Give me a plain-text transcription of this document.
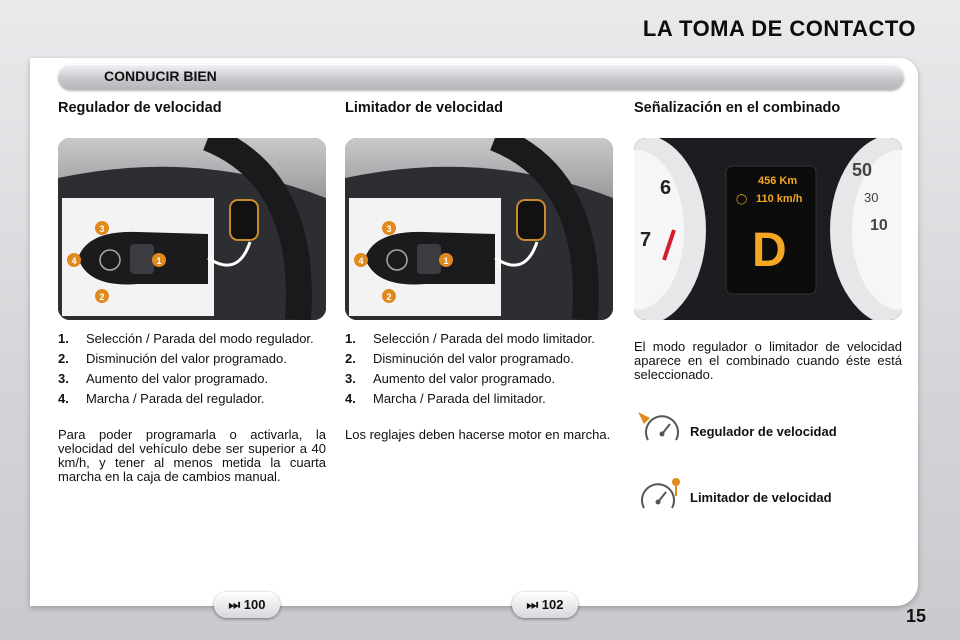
LA TOMA DE CONTACTO
CONDUCIR BIEN
Regulador de velocidad
1
2
3
4
1. Selección / Parada del modo regulador.
2. Disminución del valor programado.
3. Aumento del valor programado.
4. Marcha / Parada del regulador.
Para poder programarla o activarla, la velocidad del vehículo debe ser superior a 40 km/h, y tener al menos metida la cuarta marcha en la caja de cambios manual.
Limitador de velocidad
1
2
3
4
1. Selección / Parada del modo limitador.
2. Disminución del valor programado.
3. Aumento del valor programado.
4. Marcha / Parada del limitador.
Los reglajes deben hacerse motor en marcha.
Señalización en el combinado
6
7
50
30
10
456 Km
◯ 110 km/h
D
El modo regulador o limitador de velocidad aparece en el combinado cuando éste está seleccionado.
Regulador de velocidad
Limitador de velocidad
⏭ 100	⏭ 102
15
